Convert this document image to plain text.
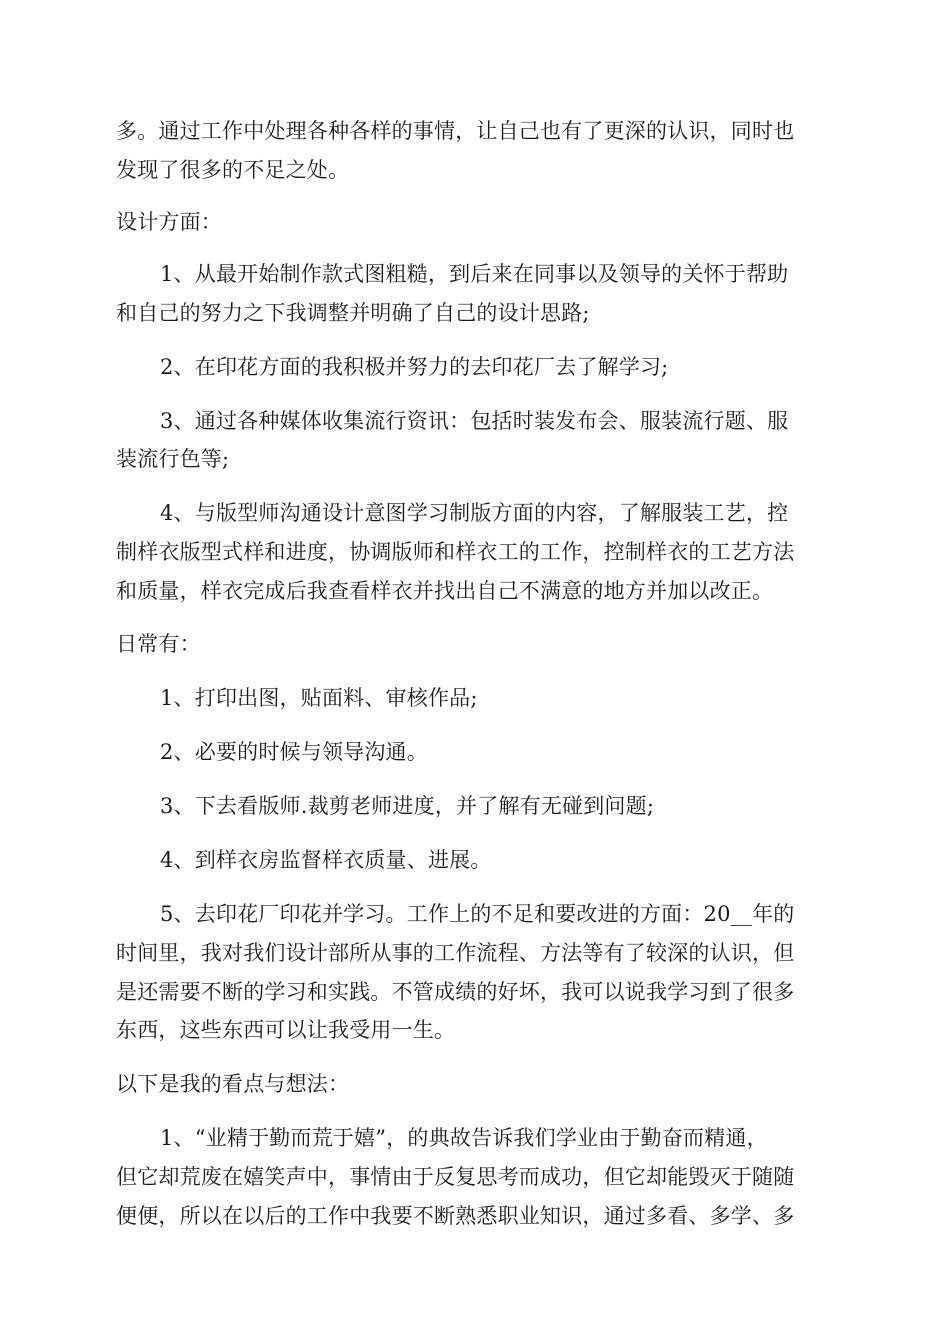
多。通过工作中处理各种各样的事情，让自己也有了更深的认识，同时也
发现了很多的不足之处。
设计方面：
1、从最开始制作款式图粗糙，到后来在同事以及领导的关怀于帮助
和自己的努力之下我调整并明确了自己的设计思路;
2、在印花方面的我积极并努力的去印花厂去了解学习;
3、通过各种媒体收集流行资讯：包括时装发布会、服装流行题、服
装流行色等;
4、与版型师沟通设计意图学习制版方面的内容，了解服装工艺，控
制样衣版型式样和进度，协调版师和样衣工的工作，控制样衣的工艺方法
和质量，样衣完成后我查看样衣并找出自己不满意的地方并加以改正。
日常有：
1、打印出图，贴面料、审核作品;
2、必要的时候与领导沟通。
3、下去看版师.裁剪老师进度，并了解有无碰到问题;
4、到样衣房监督样衣质量、进展。
5、去印花厂印花并学习。工作上的不足和要改进的方面：20__年的
时间里，我对我们设计部所从事的工作流程、方法等有了较深的认识，但
是还需要不断的学习和实践。不管成绩的好坏，我可以说我学习到了很多
东西，这些东西可以让我受用一生。
以下是我的看点与想法：
1、“业精于勤而荒于嬉”，的典故告诉我们学业由于勤奋而精通，
但它却荒废在嬉笑声中，事情由于反复思考而成功，但它却能毁灭于随随
便便，所以在以后的工作中我要不断熟悉职业知识，通过多看、多学、多
